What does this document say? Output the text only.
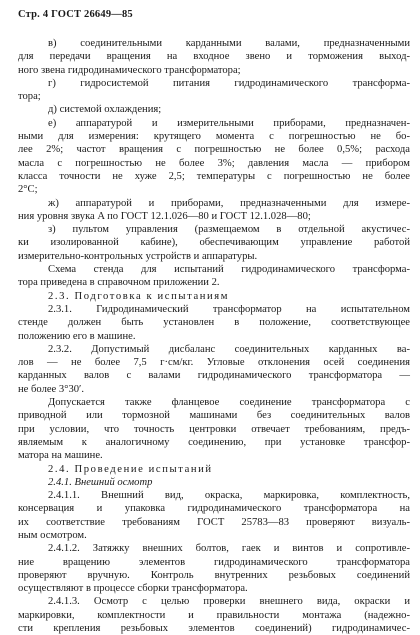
Стр. 4 ГОСТ 26649—85
в) соединительными карданными валами, предназначенными
для передачи вращения на входное звено и торможения выход-
ного звена гидродинамического трансформатора;
г) гидросистемой питания гидродинамического трансформа-
тора;
д) системой охлаждения;
е) аппаратурой и измерительными приборами, предназначен-
ными для измерения: крутящего момента с погрешностью не бо-
лее 2%; частот вращения с погрешностью не более 0,5%; расхода
масла с погрешностью не более 3%; давления масла — прибором
класса точности не хуже 2,5; температуры с погрешностью не более
2°С;
ж) аппаратурой и приборами, предназначенными для измере-
ния уровня звука A по ГОСТ 12.1.026—80 и ГОСТ 12.1.028—80;
з) пультом управления (размещаемом в отдельной акустичес-
ки изолированной кабине), обеспечивающим управление работой
измерительно-контрольных устройств и аппаратуры.
Схема стенда для испытаний гидродинамического трансформа-
тора приведена в справочном приложении 2.
2.3. Подготовка к испытаниям
2.3.1. Гидродинамический трансформатор на испытательном
стенде должен быть установлен в положение, соответствующее
положению его в машине.
2.3.2. Допустимый дисбаланс соединительных карданных ва-
лов — не более 7,5 г·см/кг. Угловые отклонения осей соединения
карданных валов с валами гидродинамического трансформатора —
не более 3°30′.
Допускается также фланцевое соединение трансформатора с
приводной или тормозной машинами без соединительных валов
при условии, что точность центровки отвечает требованиям, предъ-
являемым к аналогичному соединению, при установке трансфор-
матора на машине.
2.4. Проведение испытаний
2.4.1. Внешний осмотр
2.4.1.1. Внешний вид, окраска, маркировка, комплектность,
консервация и упаковка гидродинамического трансформатора на
их соответствие требованиям ГОСТ 25783—83 проверяют визуаль-
ным осмотром.
2.4.1.2. Затяжку внешних болтов, гаек и винтов и сопротивле-
ние вращению элементов гидродинамического трансформатора
проверяют вручную. Контроль внутренних резьбовых соединений
осуществляют в процессе сборки трансформатора.
2.4.1.3. Осмотр с целью проверки внешнего вида, окраски и
маркировки, комплектности и правильности монтажа (надежно-
сти крепления резьбовых элементов соединений) гидродинамичес-
